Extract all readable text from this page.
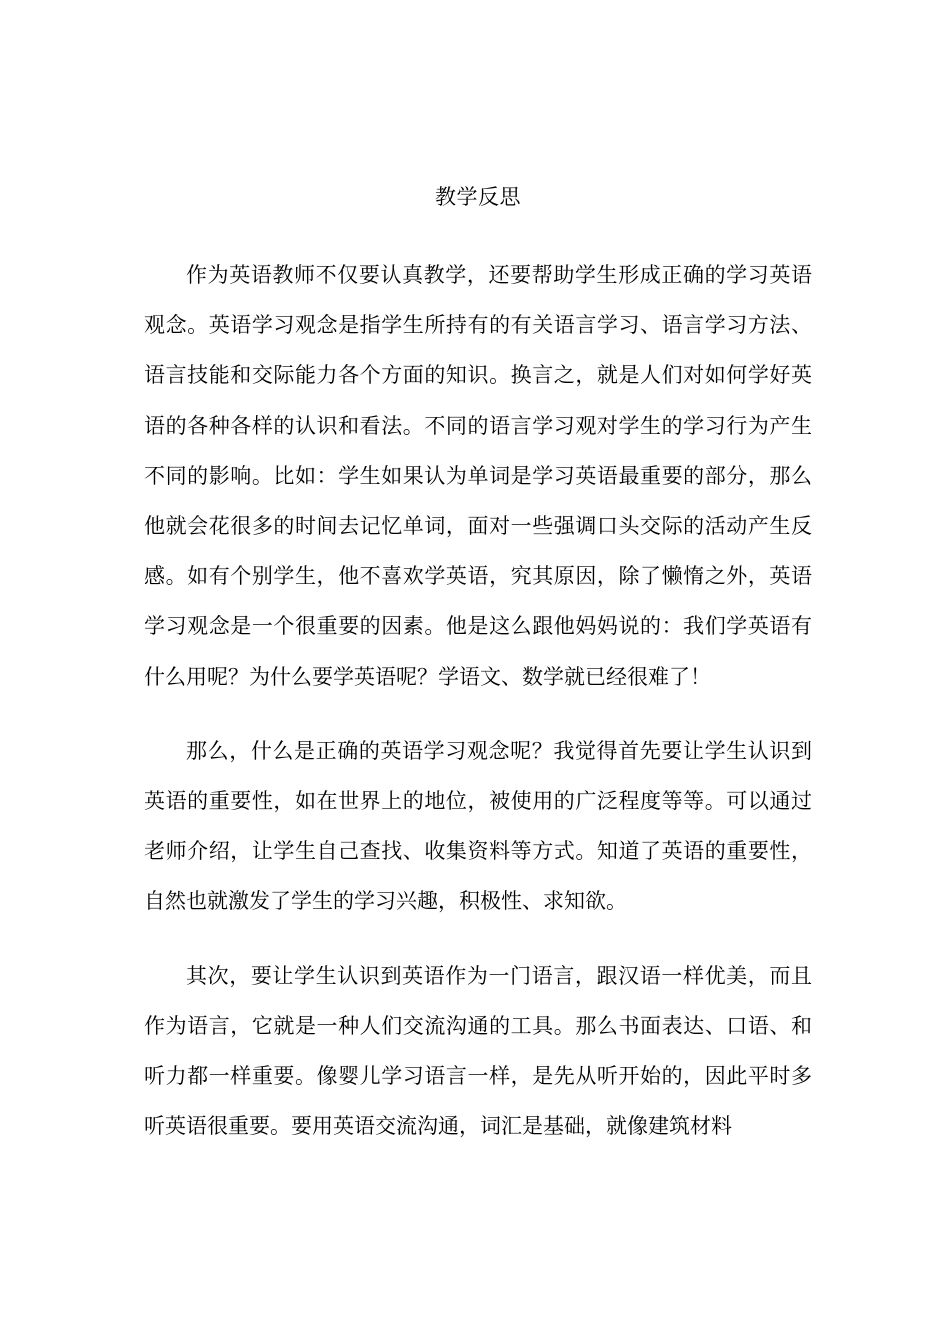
教学反思

作为英语教师不仅要认真教学，还要帮助学生形成正确的学习英语观念。英语学习观念是指学生所持有的有关语言学习、语言学习方法、语言技能和交际能力各个方面的知识。换言之，就是人们对如何学好英语的各种各样的认识和看法。不同的语言学习观对学生的学习行为产生不同的影响。比如：学生如果认为单词是学习英语最重要的部分，那么他就会花很多的时间去记忆单词，面对一些强调口头交际的活动产生反感。如有个别学生，他不喜欢学英语，究其原因，除了懒惰之外，英语学习观念是一个很重要的因素。他是这么跟他妈妈说的：我们学英语有什么用呢？为什么要学英语呢？学语文、数学就已经很难了！

那么，什么是正确的英语学习观念呢？我觉得首先要让学生认识到英语的重要性，如在世界上的地位，被使用的广泛程度等等。可以通过老师介绍，让学生自己查找、收集资料等方式。知道了英语的重要性，自然也就激发了学生的学习兴趣，积极性、求知欲。

其次，要让学生认识到英语作为一门语言，跟汉语一样优美，而且作为语言，它就是一种人们交流沟通的工具。那么书面表达、口语、和听力都一样重要。像婴儿学习语言一样，是先从听开始的，因此平时多听英语很重要。要用英语交流沟通，词汇是基础，就像建筑材料
